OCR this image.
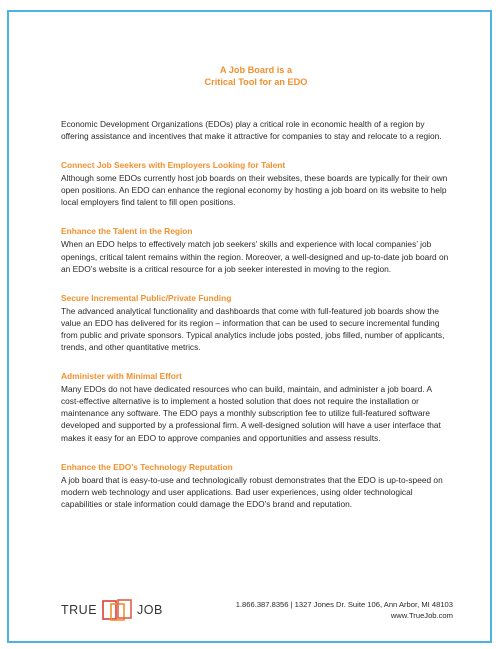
A Job Board is a
Critical Tool for an EDO

Economic Development Organizations (EDOs) play a critical role in economic health of a region by offering assistance and incentives that make it attractive for companies to stay and relocate to a region.

Connect Job Seekers with Employers Looking for Talent

Although some EDOs currently host job boards on their websites, these boards are typically for their own open positions. An EDO can enhance the regional economy by hosting a job board on its website to help local employers find talent to fill open positions.

Enhance the Talent in the Region

When an EDO helps to effectively match job seekers’ skills and experience with local companies’ job openings, critical talent remains within the region. Moreover, a well-designed and up-to-date job board on an EDO’s website is a critical resource for a job seeker interested in moving to the region.

Secure Incremental Public/Private Funding

The advanced analytical functionality and dashboards that come with full-featured job boards show the value an EDO has delivered for its region – information that can be used to secure incremental funding from public and private sponsors. Typical analytics include jobs posted, jobs filled, number of applicants, trends, and other quantitative metrics.

Administer with Minimal Effort

Many EDOs do not have dedicated resources who can build, maintain, and administer a job board. A cost-effective alternative is to implement a hosted solution that does not require the installation or maintenance any software. The EDO pays a monthly subscription fee to utilize full-featured software developed and supported by a professional firm. A well-designed solution will have a user interface that makes it easy for an EDO to approve companies and opportunities and assess results.

Enhance the EDO’s Technology Reputation

A job board that is easy-to-use and technologically robust demonstrates that the EDO is up-to-speed on modern web technology and user applications. Bad user experiences, using older technological capabilities or stale information could damage the EDO’s brand and reputation.

TRUE	JOB	1.866.387.8356 | 1327 Jones Dr. Suite 106, Ann Arbor, MI 48103
www.TrueJob.com
